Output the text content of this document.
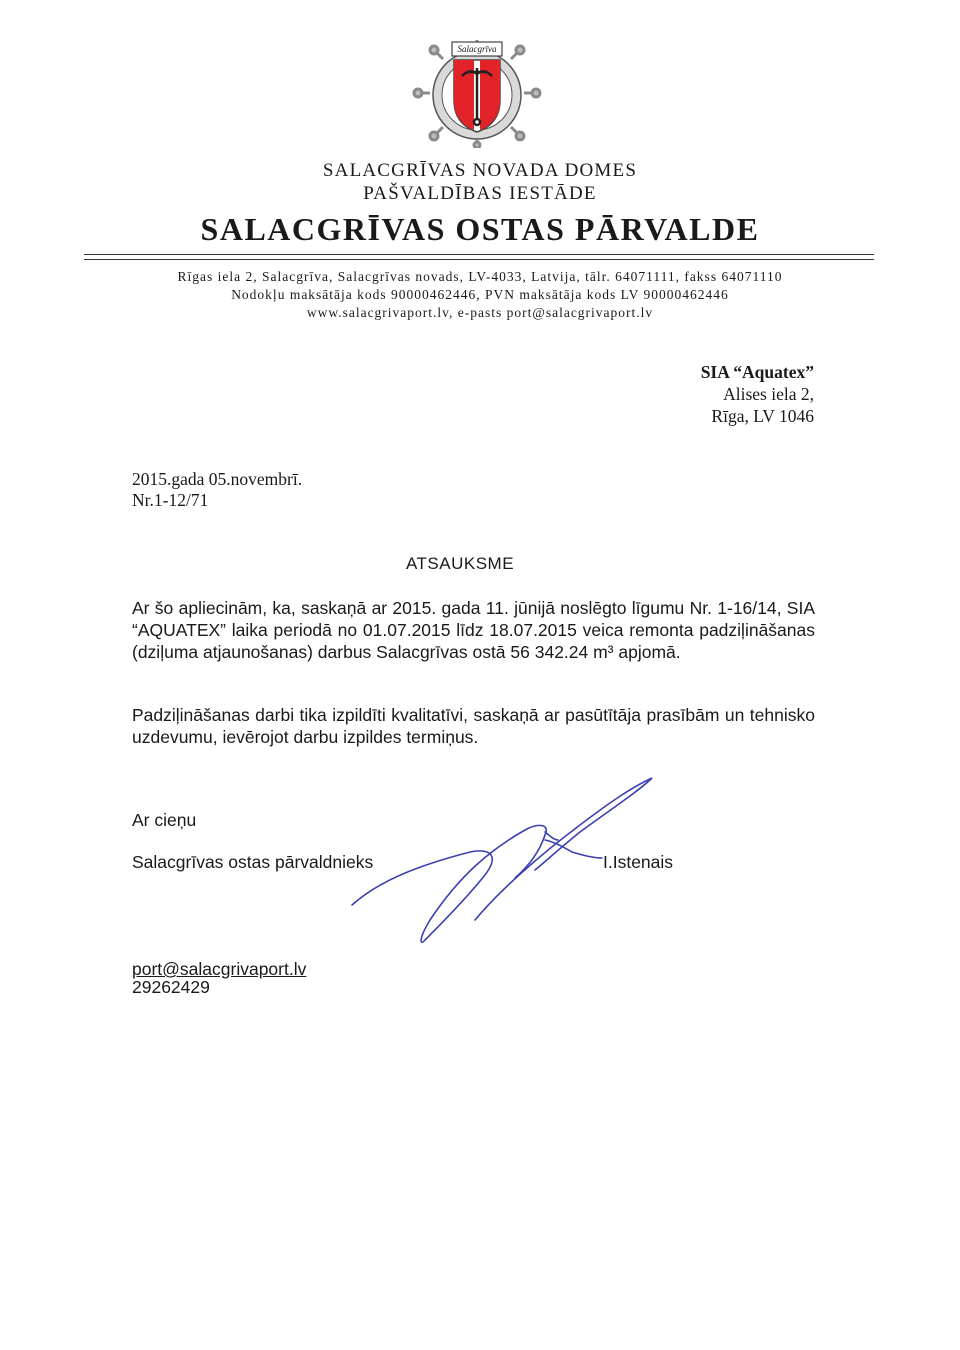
Salacgrīva
SALACGRĪVAS NOVADA DOMES
PAŠVALDĪBAS IESTĀDE
SALACGRĪVAS OSTAS PĀRVALDE
Rīgas iela 2, Salacgrīva, Salacgrīvas novads, LV-4033, Latvija, tālr. 64071111, fakss 64071110
Nodokļu maksātāja kods 90000462446, PVN maksātāja kods LV 90000462446
www.salacgrivaport.lv, e-pasts port@salacgrivaport.lv
SIA “Aquatex”
Alises iela 2,
Rīga, LV 1046
2015.gada 05.novembrī.
Nr.1-12/71
ATSAUKSME
Ar šo apliecinām, ka, saskaņā ar 2015. gada 11. jūnijā noslēgto līgumu Nr. 1-16/14, SIA “AQUATEX” laika periodā no 01.07.2015 līdz 18.07.2015 veica remonta padziļināšanas (dziļuma atjaunošanas) darbus Salacgrīvas ostā 56 342.24 m³ apjomā.
Padziļināšanas darbi tika izpildīti kvalitatīvi, saskaņā ar pasūtītāja prasībām un tehnisko uzdevumu, ievērojot darbu izpildes termiņus.
Ar cieņu
Salacgrīvas ostas pārvaldnieks	I.Istenais
port@salacgrivaport.lv
29262429
